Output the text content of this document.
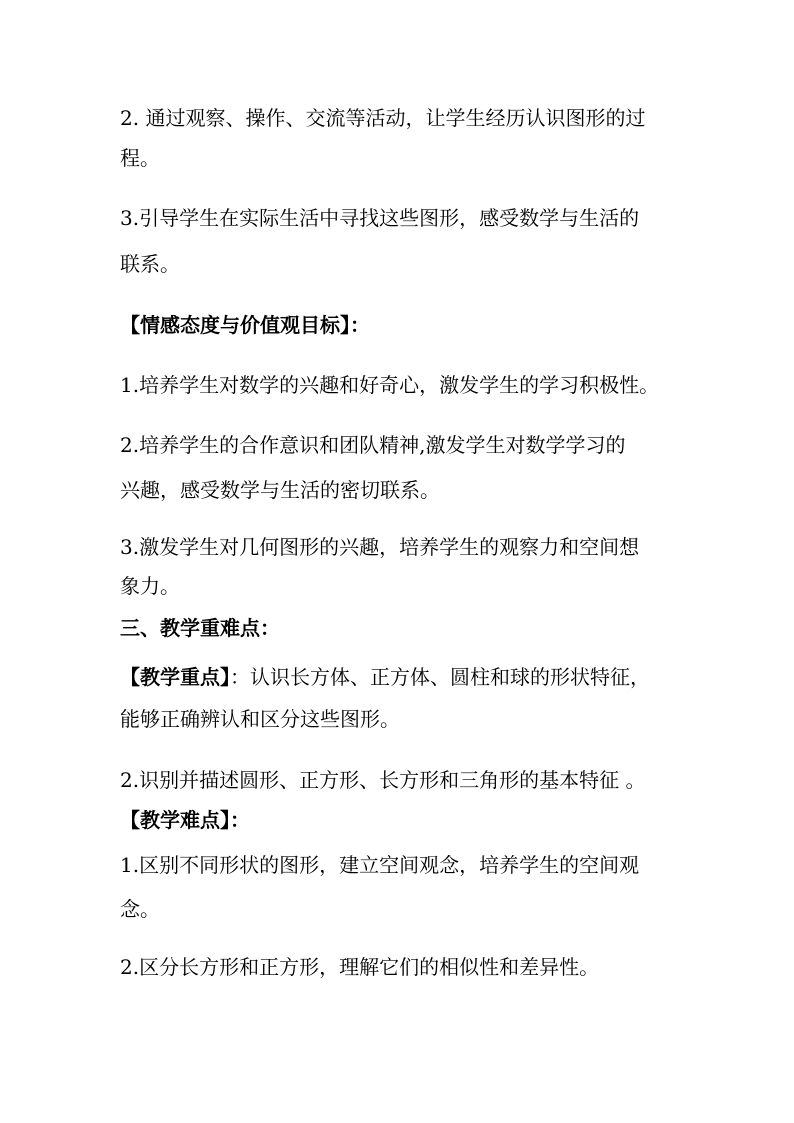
2. 通过观察、操作、交流等活动，让学生经历认识图形的过
程。
3.引导学生在实际生活中寻找这些图形，感受数学与生活的
联系。
【情感态度与价值观目标】：
1.培养学生对数学的兴趣和好奇心，激发学生的学习积极性。
2.培养学生的合作意识和团队精神,激发学生对数学学习的
兴趣，感受数学与生活的密切联系。
3.激发学生对几何图形的兴趣，培养学生的观察力和空间想
象力。
三、教学重难点：
【教学重点】：认识长方体、正方体、圆柱和球的形状特征，
能够正确辨认和区分这些图形。
2.识别并描述圆形、正方形、长方形和三角形的基本特征 。
【教学难点】：
1.区别不同形状的图形，建立空间观念，培养学生的空间观
念。
2.区分长方形和正方形，理解它们的相似性和差异性。
